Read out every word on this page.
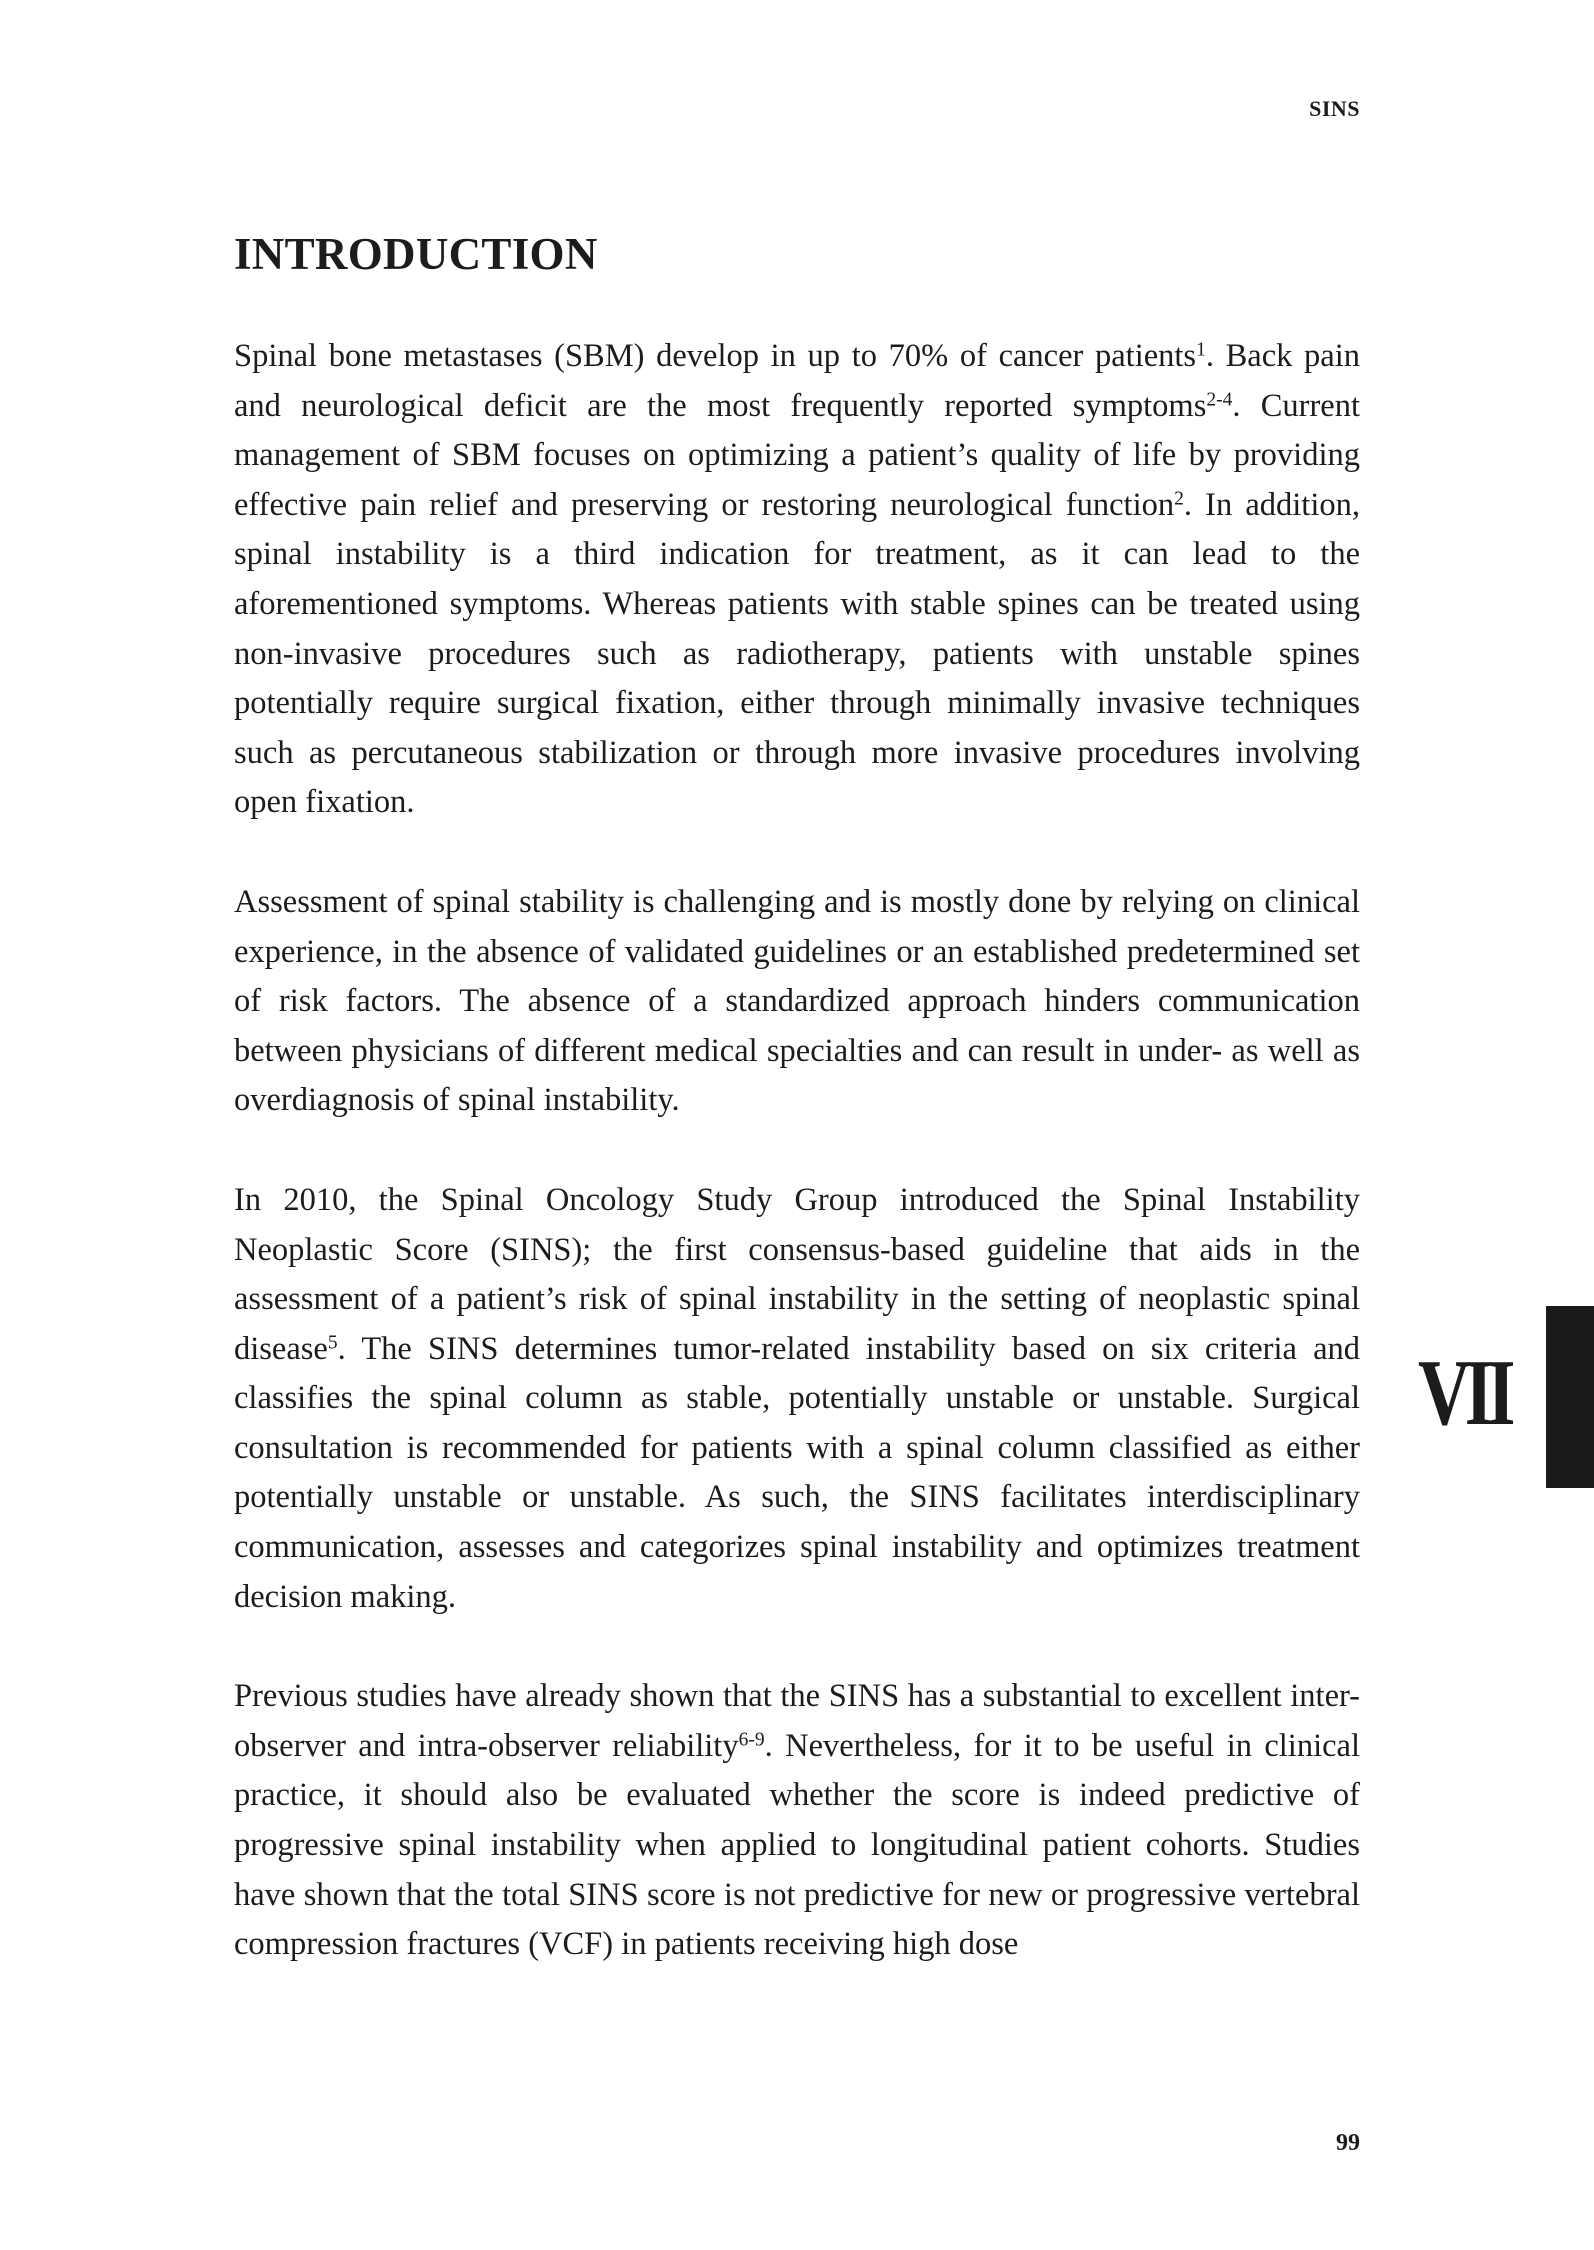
SINS
INTRODUCTION

Spinal bone metastases (SBM) develop in up to 70% of cancer patients$^1$. Back pain and neurological deficit are the most frequently reported symptoms$^{2-4}$. Current management of SBM focuses on optimizing a patient’s quality of life by providing effective pain relief and preserving or restoring neurological function$^2$. In addition, spinal instability is a third indication for treatment, as it can lead to the aforementioned symptoms. Whereas patients with stable spines can be treated using non-invasive procedures such as radiotherapy, patients with unstable spines potentially require surgical fixation, either through minimally invasive techniques such as percutaneous stabilization or through more invasive procedures involving open fixation.

Assessment of spinal stability is challenging and is mostly done by relying on clinical experience, in the absence of validated guidelines or an established predetermined set of risk factors. The absence of a standardized approach hinders communication between physicians of different medical specialties and can result in under- as well as overdiagnosis of spinal instability.

In 2010, the Spinal Oncology Study Group introduced the Spinal Instability Neoplastic Score (SINS); the first consensus-based guideline that aids in the assessment of a patient’s risk of spinal instability in the setting of neoplastic spinal disease$^5$. The SINS determines tumor-related instability based on six criteria and classifies the spinal column as stable, potentially unstable or unstable. Surgical consultation is recommended for patients with a spinal column classified as either potentially unstable or unstable. As such, the SINS facilitates interdisciplinary communication, assesses and categorizes spinal instability and optimizes treatment decision making.

Previous studies have already shown that the SINS has a substantial to excellent inter-observer and intra-observer reliability$^{6-9}$. Nevertheless, for it to be useful in clinical practice, it should also be evaluated whether the score is indeed predictive of progressive spinal instability when applied to longitudinal patient cohorts. Studies have shown that the total SINS score is not predictive for new or progressive vertebral compression fractures (VCF) in patients receiving high dose

VII
99
